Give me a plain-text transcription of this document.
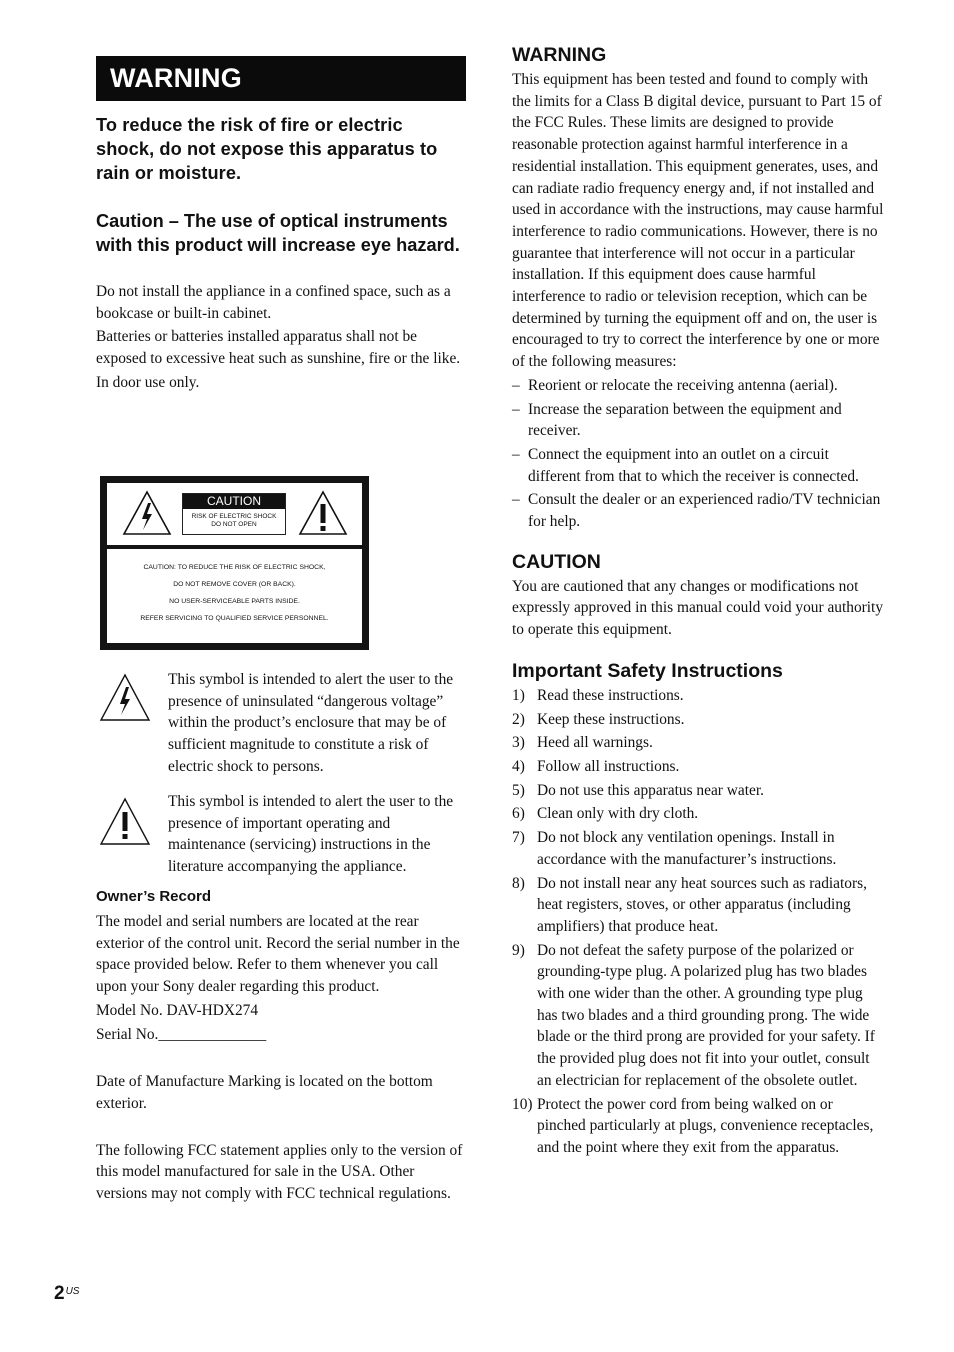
WARNING

To reduce the risk of fire or electric shock, do not expose this apparatus to rain or moisture.

Caution – The use of optical instruments with this product will increase eye hazard.

Do not install the appliance in a confined space, such as a bookcase or built-in cabinet.

Batteries or batteries installed apparatus shall not be exposed to excessive heat such as sunshine, fire or the like.

In door use only.

CAUTION
RISK OF ELECTRIC SHOCK
DO NOT OPEN
CAUTION: TO REDUCE THE RISK OF ELECTRIC SHOCK,
DO NOT REMOVE COVER (OR BACK).
NO USER-SERVICEABLE PARTS INSIDE.
REFER SERVICING TO QUALIFIED SERVICE PERSONNEL.

This symbol is intended to alert the user to the presence of uninsulated “dangerous voltage” within the product’s enclosure that may be of sufficient magnitude to constitute a risk of electric shock to persons.

This symbol is intended to alert the user to the presence of important operating and maintenance (servicing) instructions in the literature accompanying the appliance.

Owner’s Record

The model and serial numbers are located at the rear exterior of the control unit. Record the serial number in the space provided below. Refer to them whenever you call upon your Sony dealer regarding this product.

Model No. DAV-HDX274

Serial No.______________

Date of Manufacture Marking is located on the bottom exterior.

The following FCC statement applies only to the version of this model manufactured for sale in the USA. Other versions may not comply with FCC technical regulations.

WARNING

This equipment has been tested and found to comply with the limits for a Class B digital device, pursuant to Part 15 of the FCC Rules. These limits are designed to provide reasonable protection against harmful interference in a residential installation. This equipment generates, uses, and can radiate radio frequency energy and, if not installed and used in accordance with the instructions, may cause harmful interference to radio communications. However, there is no guarantee that interference will not occur in a particular installation. If this equipment does cause harmful interference to radio or television reception, which can be determined by turning the equipment off and on, the user is encouraged to try to correct the interference by one or more of the following measures:

– Reorient or relocate the receiving antenna (aerial).

– Increase the separation between the equipment and receiver.

– Connect the equipment into an outlet on a circuit different from that to which the receiver is connected.

– Consult the dealer or an experienced radio/TV technician for help.

CAUTION

You are cautioned that any changes or modifications not expressly approved in this manual could void your authority to operate this equipment.

Important Safety Instructions

1) Read these instructions.

2) Keep these instructions.

3) Heed all warnings.

4) Follow all instructions.

5) Do not use this apparatus near water.

6) Clean only with dry cloth.

7) Do not block any ventilation openings. Install in accordance with the manufacturer’s instructions.

8) Do not install near any heat sources such as radiators, heat registers, stoves, or other apparatus (including amplifiers) that produce heat.

9) Do not defeat the safety purpose of the polarized or grounding-type plug. A polarized plug has two blades with one wider than the other. A grounding type plug has two blades and a third grounding prong. The wide blade or the third prong are provided for your safety. If the provided plug does not fit into your outlet, consult an electrician for replacement of the obsolete outlet.

10) Protect the power cord from being walked on or pinched particularly at plugs, convenience receptacles, and the point where they exit from the apparatus.

$2^{US}$
